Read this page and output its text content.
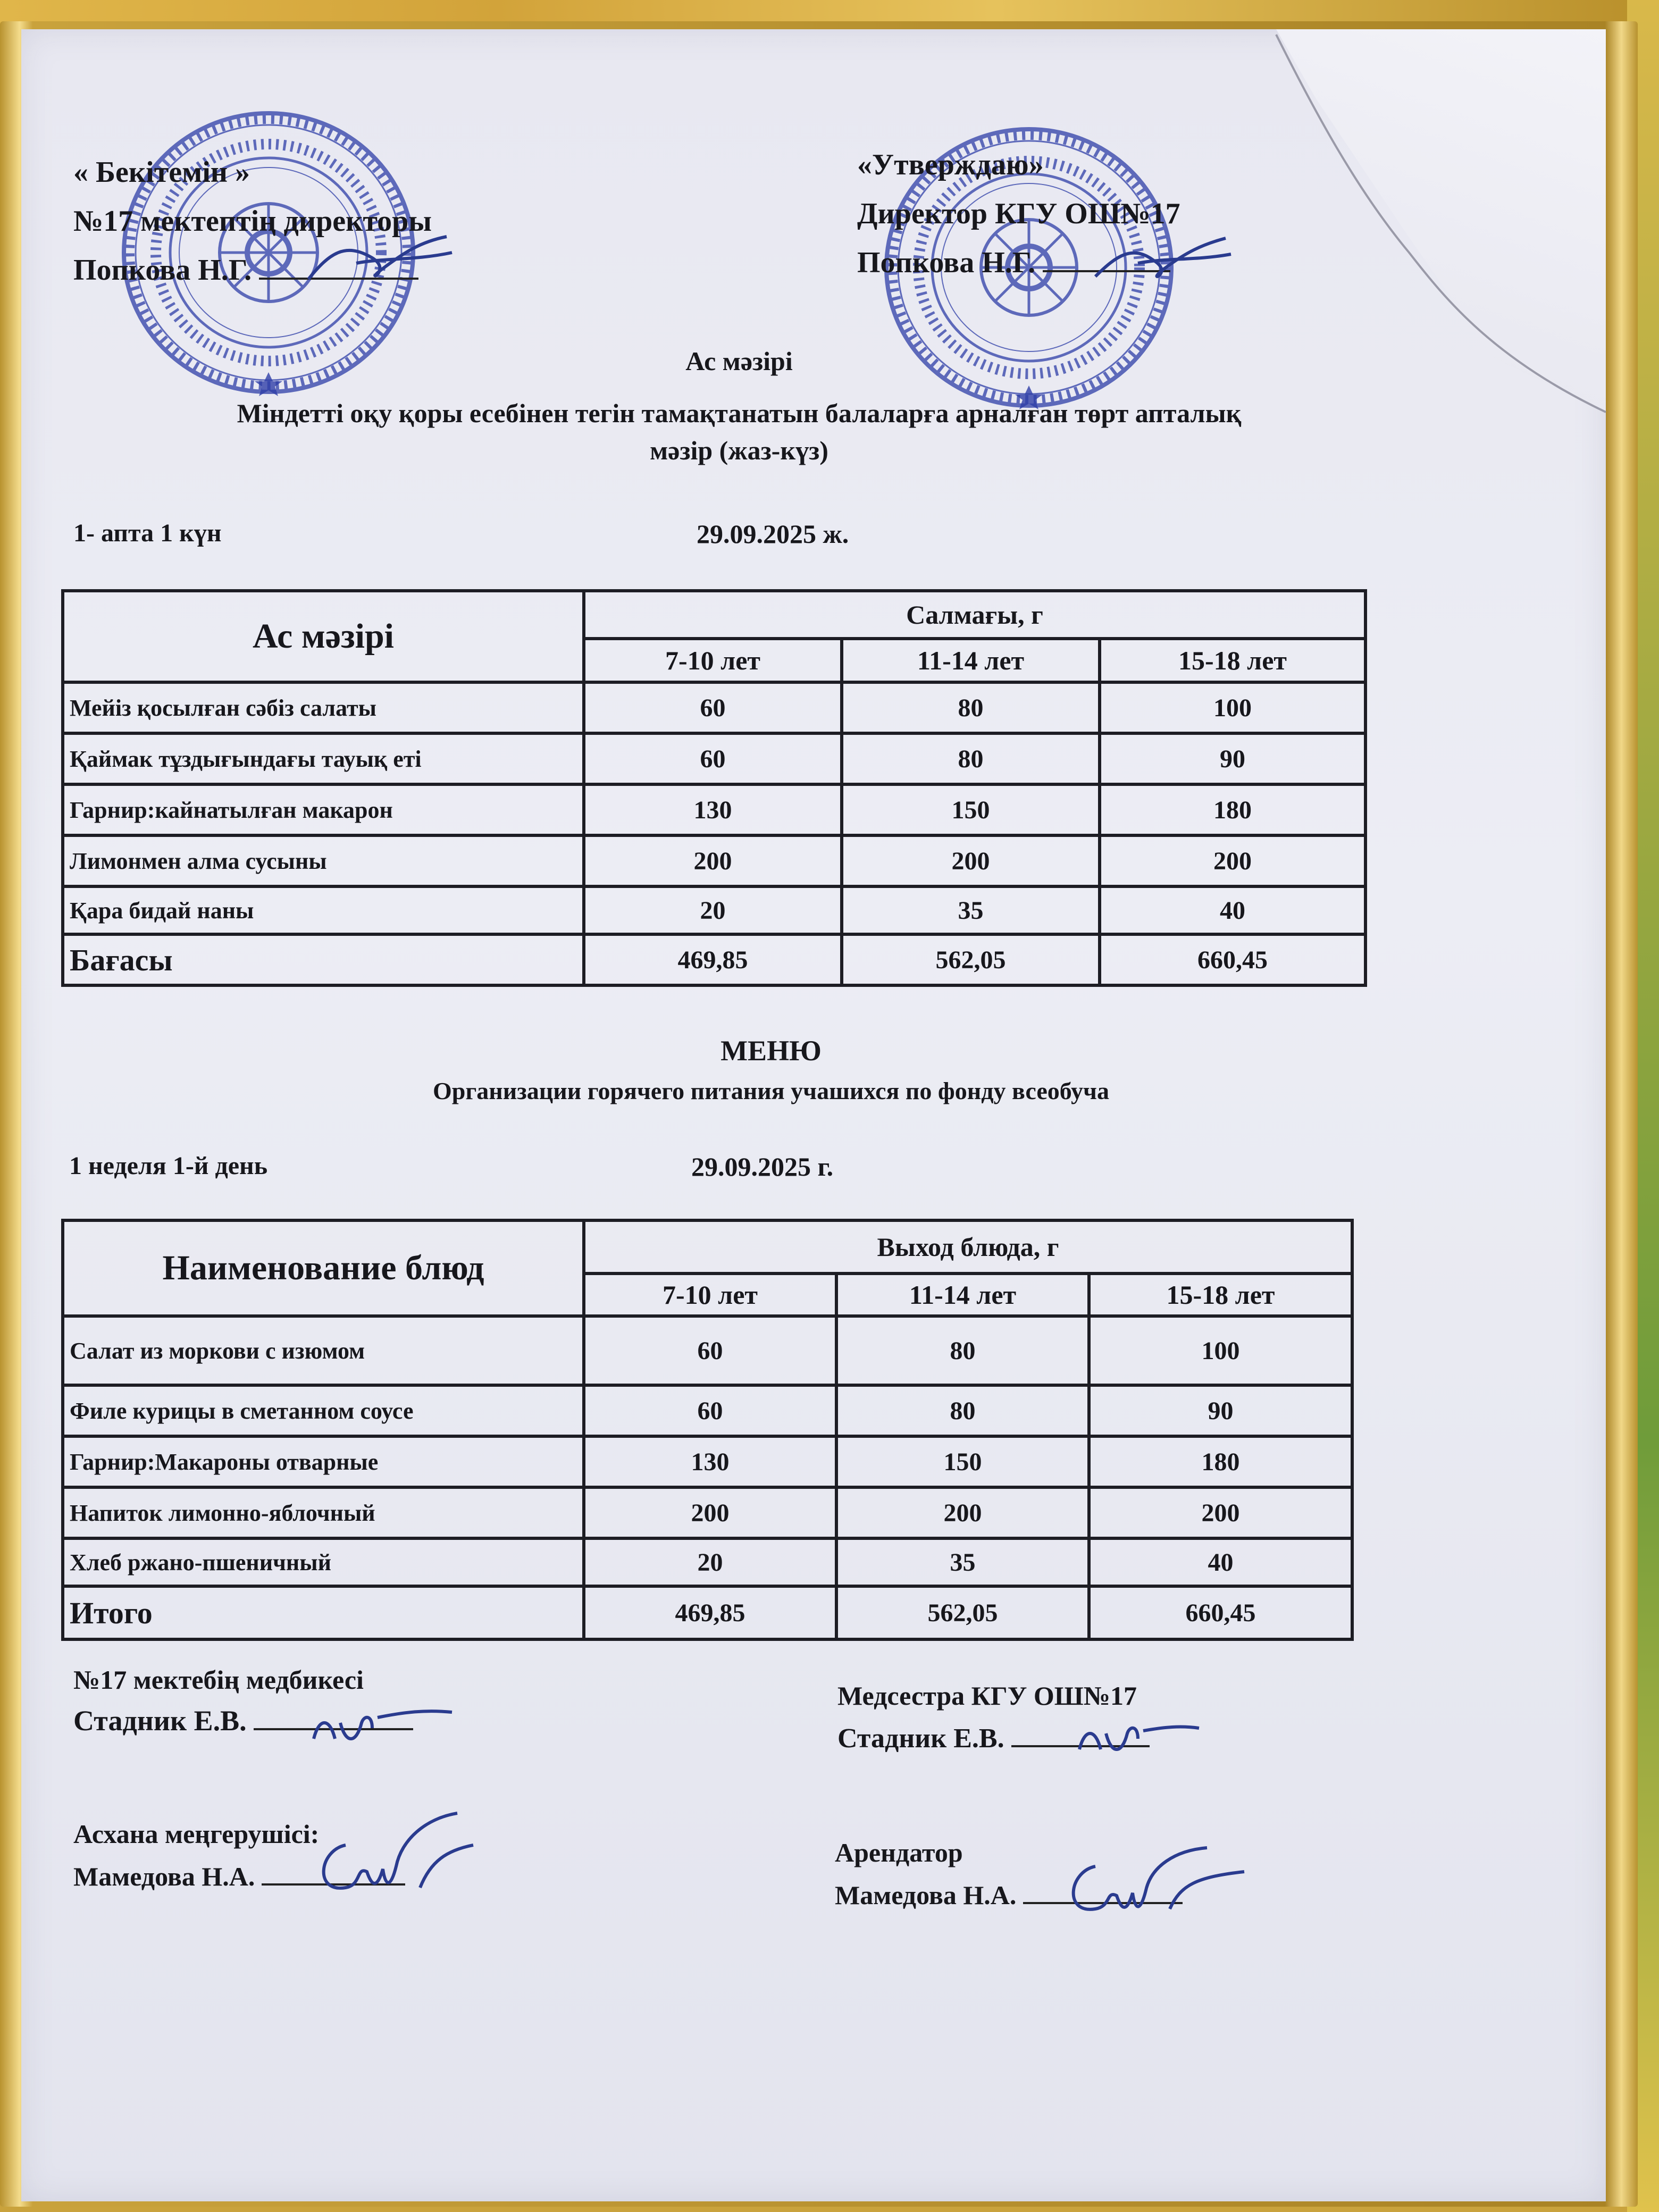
« Бекітемін »
№17 мектептің директоры
Попкова Н.Г.
«Утверждаю»
Директор КГУ ОШ№17
Попкова Н.Г.
Ас мәзірі
Міндетті оқу қоры есебінен тегін тамақтанатын балаларға арналған төрт апталық
мәзір (жаз-күз)
1- апта 1 күн	29.09.2025 ж.
Ас мәзірі	Салмағы, г		
	7-10 лет	11-14 лет	15-18 лет
Мейіз қосылған сәбіз салаты	60	80	100
Қаймак тұздығындағы тауық еті	60	80	90
Гарнир:кайнатылған макарон	130	150	180
Лимонмен алма сусыны	200	200	200
Қара бидай наны	20	35	40
Бағасы	469,85	562,05	660,45
МЕНЮ
Организации горячего питания учашихся по фонду всеобуча
1 неделя 1-й день	29.09.2025 г.
Наименование блюд	Выход блюда, г		
	7-10 лет	11-14 лет	15-18 лет
Салат из моркови с изюмом	60	80	100
Филе курицы в сметанном соусе	60	80	90
Гарнир:Макароны отварные	130	150	180
Напиток лимонно-яблочный	200	200	200
Хлеб ржано-пшеничный	20	35	40
Итого	469,85	562,05	660,45
№17 мектебің медбикесі
Стадник Е.В.
Медсестра КГУ ОШ№17
Стадник Е.В.
Асхана меңгерушісі:
Мамедова Н.А.
Арендатор
Мамедова Н.А.
